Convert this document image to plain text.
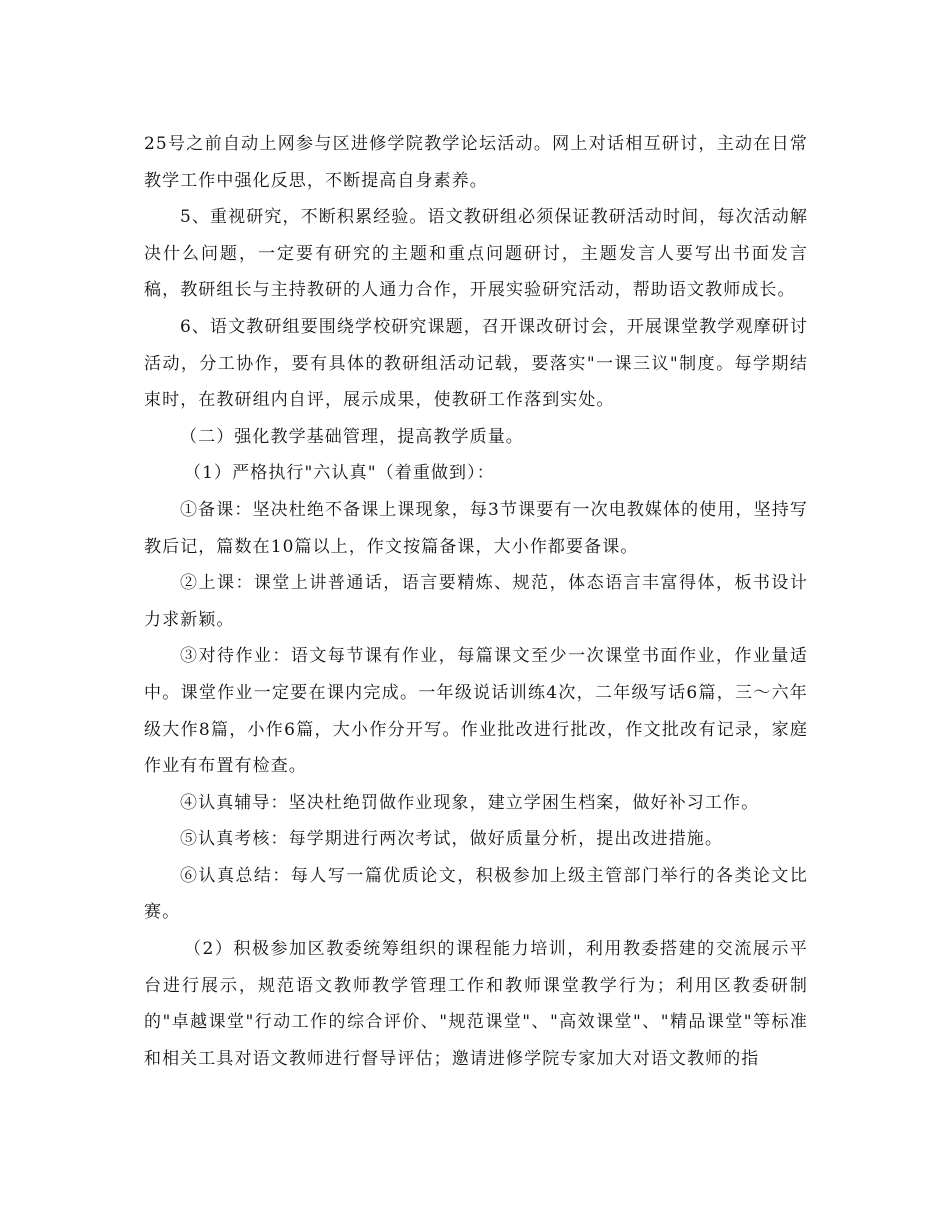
25号之前自动上网参与区进修学院教学论坛活动。网上对话相互研讨，主动在日常教学工作中强化反思，不断提高自身素养。

5、重视研究，不断积累经验。语文教研组必须保证教研活动时间，每次活动解决什么问题，一定要有研究的主题和重点问题研讨，主题发言人要写出书面发言稿，教研组长与主持教研的人通力合作，开展实验研究活动，帮助语文教师成长。

6、语文教研组要围绕学校研究课题，召开课改研讨会，开展课堂教学观摩研讨活动，分工协作，要有具体的教研组活动记载，要落实"一课三议"制度。每学期结束时，在教研组内自评，展示成果，使教研工作落到实处。

（二）强化教学基础管理，提高教学质量。

（1）严格执行"六认真"（着重做到）：

①备课：坚决杜绝不备课上课现象，每3节课要有一次电教媒体的使用，坚持写教后记，篇数在10篇以上，作文按篇备课，大小作都要备课。

②上课：课堂上讲普通话，语言要精炼、规范，体态语言丰富得体，板书设计力求新颖。

③对待作业：语文每节课有作业，每篇课文至少一次课堂书面作业，作业量适中。课堂作业一定要在课内完成。一年级说话训练4次，二年级写话6篇，三～六年级大作8篇，小作6篇，大小作分开写。作业批改进行批改，作文批改有记录，家庭作业有布置有检查。

④认真辅导：坚决杜绝罚做作业现象，建立学困生档案，做好补习工作。

⑤认真考核：每学期进行两次考试，做好质量分析，提出改进措施。

⑥认真总结：每人写一篇优质论文，积极参加上级主管部门举行的各类论文比赛。

（2）积极参加区教委统筹组织的课程能力培训，利用教委搭建的交流展示平台进行展示，规范语文教师教学管理工作和教师课堂教学行为；利用区教委研制的"卓越课堂"行动工作的综合评价、"规范课堂"、"高效课堂"、"精品课堂"等标准和相关工具对语文教师进行督导评估；邀请进修学院专家加大对语文教师的指
